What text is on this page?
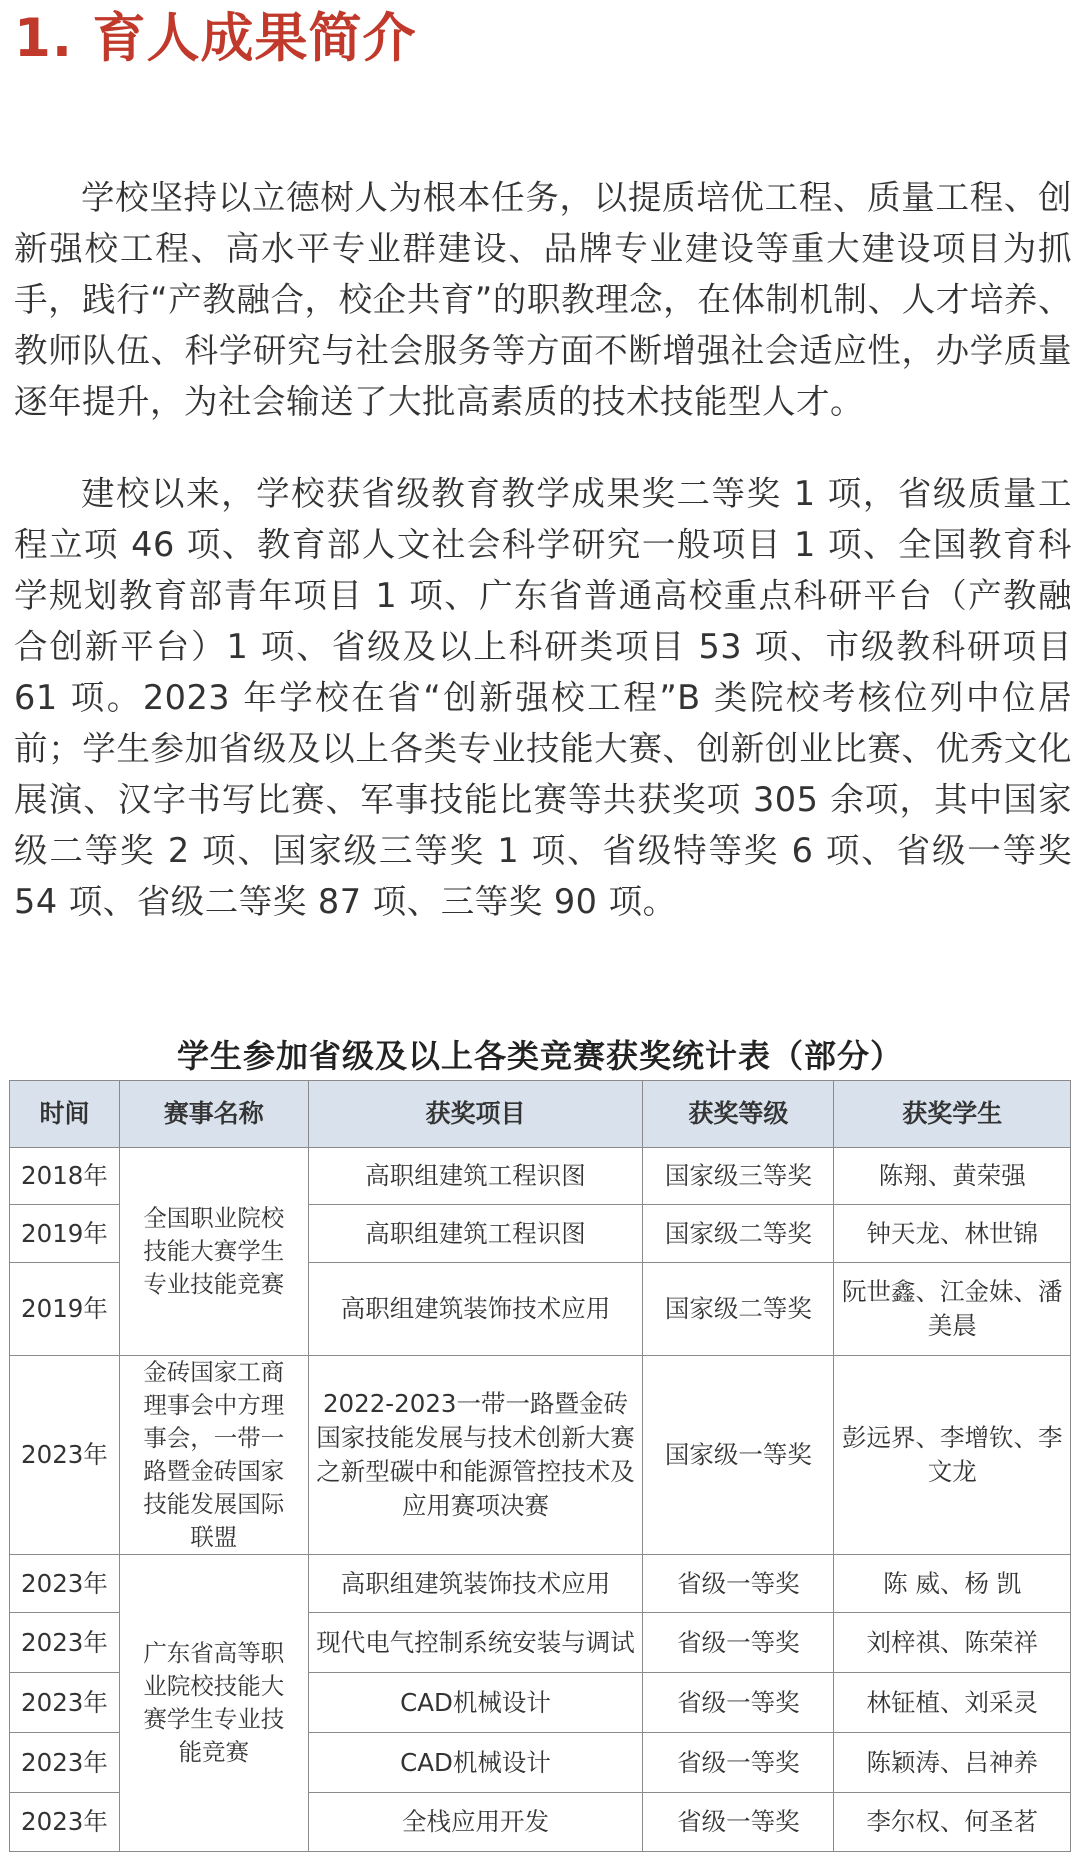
1. 育人成果简介

学校坚持以立德树人为根本任务，以提质培优工程、质量工程、创新强校工程、高水平专业群建设、品牌专业建设等重大建设项目为抓手，践行“产教融合，校企共育”的职教理念，在体制机制、人才培养、教师队伍、科学研究与社会服务等方面不断增强社会适应性，办学质量逐年提升，为社会输送了大批高素质的技术技能型人才。

建校以来，学校获省级教育教学成果奖二等奖 1 项，省级质量工程立项 46 项、教育部人文社会科学研究一般项目 1 项、全国教育科学规划教育部青年项目 1 项、广东省普通高校重点科研平台（产教融合创新平台）1 项、省级及以上科研类项目 53 项、市级教科研项目 61 项。2023 年学校在省“创新强校工程”B 类院校考核位列中位居前；学生参加省级及以上各类专业技能大赛、创新创业比赛、优秀文化展演、汉字书写比赛、军事技能比赛等共获奖项 305 余项，其中国家级二等奖 2 项、国家级三等奖 1 项、省级特等奖 6 项、省级一等奖 54 项、省级二等奖 87 项、三等奖 90 项。

学生参加省级及以上各类竞赛获奖统计表（部分）
时间	赛事名称	获奖项目	获奖等级	获奖学生
2018年	全国职业院校技能大赛学生专业技能竞赛	高职组建筑工程识图	国家级三等奖	陈翔、黄荣强
2019年		高职组建筑工程识图	国家级二等奖	钟天龙、林世锦
2019年		高职组建筑装饰技术应用	国家级二等奖	阮世鑫、江金妹、潘美晨
2023年	金砖国家工商理事会中方理事会，一带一路暨金砖国家技能发展国际联盟	2022-2023一带一路暨金砖国家技能发展与技术创新大赛之新型碳中和能源管控技术及应用赛项决赛	国家级一等奖	彭远界、李增钦、李文龙
2023年	广东省高等职业院校技能大赛学生专业技能竞赛	高职组建筑装饰技术应用	省级一等奖	陈 威、杨 凯
2023年		现代电气控制系统安装与调试	省级一等奖	刘梓祺、陈荣祥
2023年		CAD机械设计	省级一等奖	林钲植、刘采灵
2023年		CAD机械设计	省级一等奖	陈颖涛、吕神养
2023年		全栈应用开发	省级一等奖	李尔权、何圣茗
